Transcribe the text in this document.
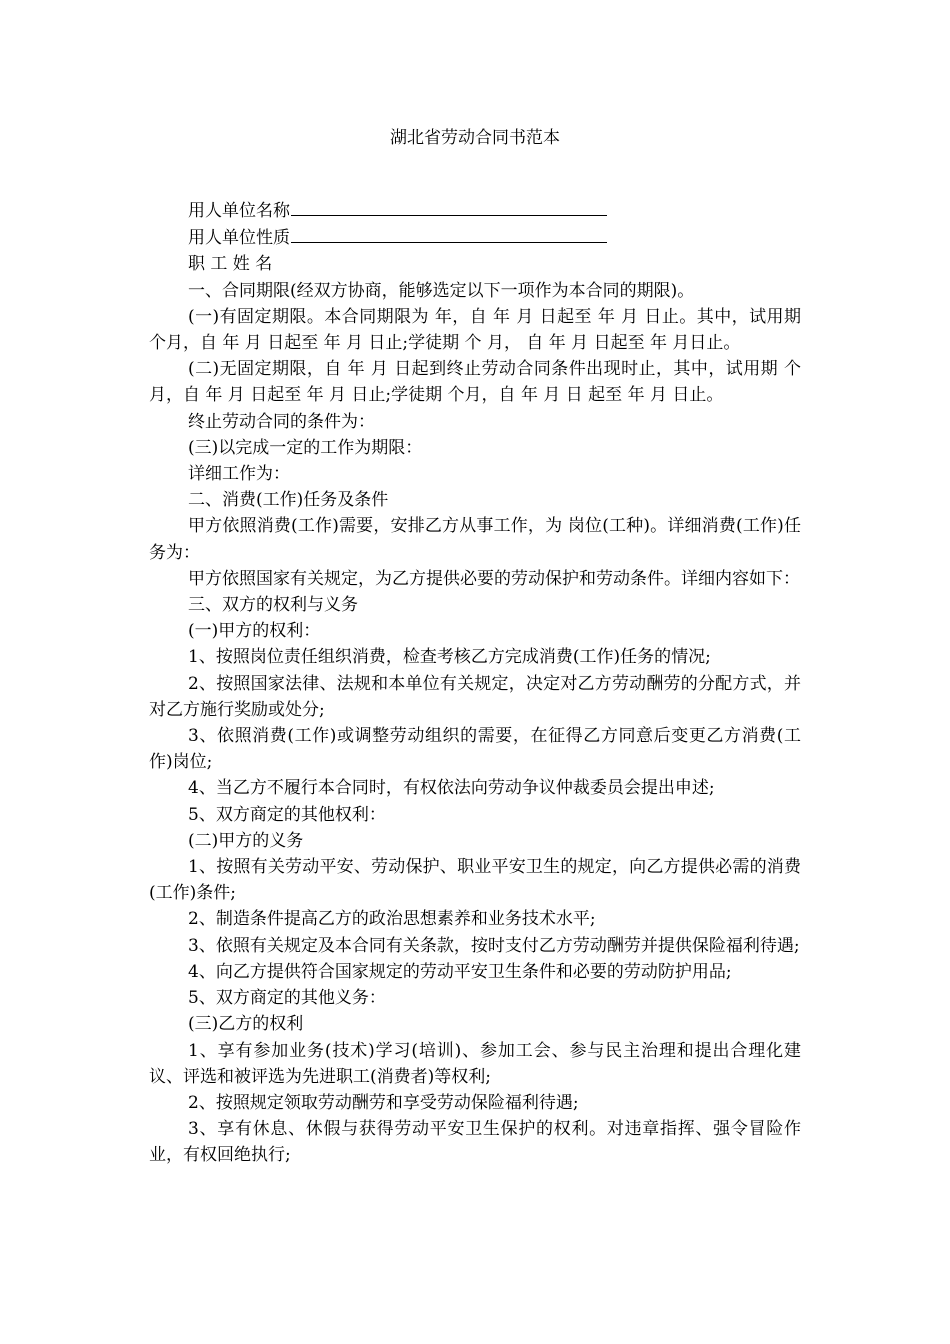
湖北省劳动合同书范本

用人单位名称

用人单位性质

职 工 姓 名

一、合同期限(经双方协商，能够选定以下一项作为本合同的期限)。

(一)有固定期限。本合同期限为 年，自 年 月 日起至 年 月 日止。其中，试用期 个月，自 年 月 日起至 年 月 日止;学徒期 个 月， 自 年 月 日起至 年 月日止。

(二)无固定期限，自 年 月 日起到终止劳动合同条件出现时止，其中，试用期 个月，自 年 月 日起至 年 月 日止;学徒期 个月，自 年 月 日 起至 年 月 日止。

终止劳动合同的条件为：

(三)以完成一定的工作为期限：

详细工作为：

二、消费(工作)任务及条件

甲方依照消费(工作)需要，安排乙方从事工作，为 岗位(工种)。详细消费(工作)任务为：

甲方依照国家有关规定，为乙方提供必要的劳动保护和劳动条件。详细内容如下：

三、双方的权利与义务

(一)甲方的权利：

1、按照岗位责任组织消费，检查考核乙方完成消费(工作)任务的情况;

2、按照国家法律、法规和本单位有关规定，决定对乙方劳动酬劳的分配方式，并对乙方施行奖励或处分;

3、依照消费(工作)或调整劳动组织的需要，在征得乙方同意后变更乙方消费(工作)岗位;

4、当乙方不履行本合同时，有权依法向劳动争议仲裁委员会提出申述;

5、双方商定的其他权利：

(二)甲方的义务

1、按照有关劳动平安、劳动保护、职业平安卫生的规定，向乙方提供必需的消费(工作)条件;

2、制造条件提高乙方的政治思想素养和业务技术水平;

3、依照有关规定及本合同有关条款，按时支付乙方劳动酬劳并提供保险福利待遇;

4、向乙方提供符合国家规定的劳动平安卫生条件和必要的劳动防护用品;

5、双方商定的其他义务：

(三)乙方的权利

1、享有参加业务(技术)学习(培训)、参加工会、参与民主治理和提出合理化建议、评选和被评选为先进职工(消费者)等权利;

2、按照规定领取劳动酬劳和享受劳动保险福利待遇;

3、享有休息、休假与获得劳动平安卫生保护的权利。对违章指挥、强令冒险作业，有权回绝执行;
